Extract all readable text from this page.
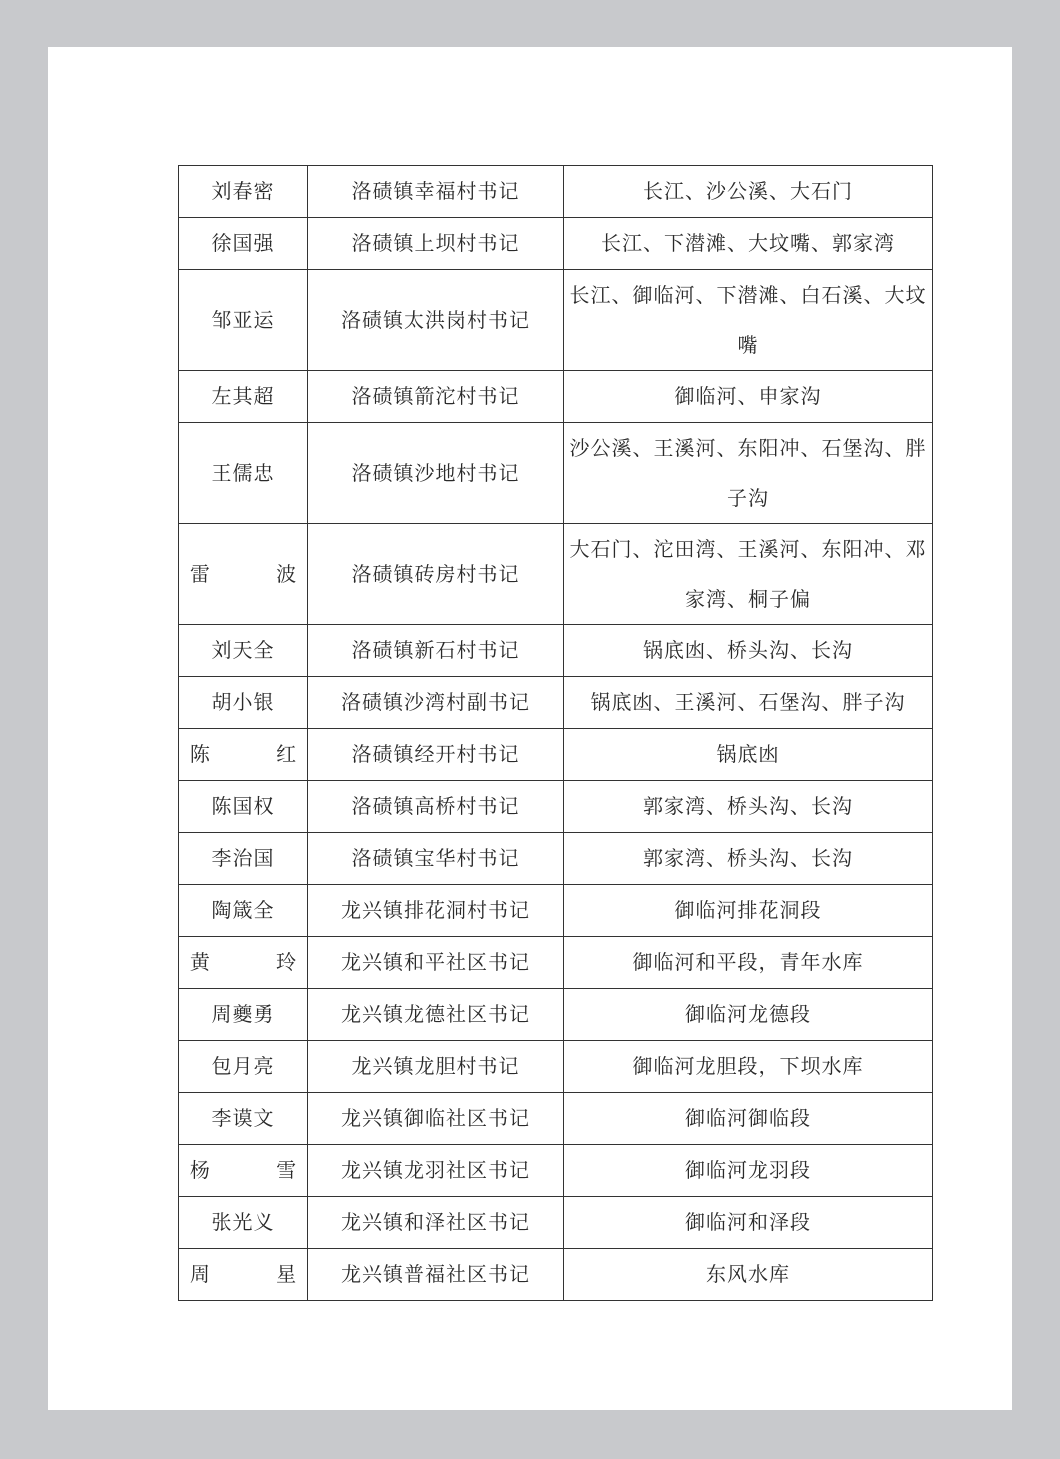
刘春密	洛碛镇幸福村书记	长江、沙公溪、大石门
徐国强	洛碛镇上坝村书记	长江、下潜滩、大坟嘴、郭家湾
邹亚运	洛碛镇太洪岗村书记	长江、御临河、下潜滩、白石溪、大坟嘴
左其超	洛碛镇箭沱村书记	御临河、申家沟
王儒忠	洛碛镇沙地村书记	沙公溪、王溪河、东阳冲、石堡沟、胖子沟
雷 波	洛碛镇砖房村书记	大石门、沱田湾、王溪河、东阳冲、邓家湾、桐子偏
刘天全	洛碛镇新石村书记	锅底凼、桥头沟、长沟
胡小银	洛碛镇沙湾村副书记	锅底凼、王溪河、石堡沟、胖子沟
陈 红	洛碛镇经开村书记	锅底凼
陈国权	洛碛镇高桥村书记	郭家湾、桥头沟、长沟
李治国	洛碛镇宝华村书记	郭家湾、桥头沟、长沟
陶箴全	龙兴镇排花洞村书记	御临河排花洞段
黄 玲	龙兴镇和平社区书记	御临河和平段，青年水库
周夔勇	龙兴镇龙德社区书记	御临河龙德段
包月亮	龙兴镇龙胆村书记	御临河龙胆段，下坝水库
李谟文	龙兴镇御临社区书记	御临河御临段
杨 雪	龙兴镇龙羽社区书记	御临河龙羽段
张光义	龙兴镇和泽社区书记	御临河和泽段
周 星	龙兴镇普福社区书记	东风水库
